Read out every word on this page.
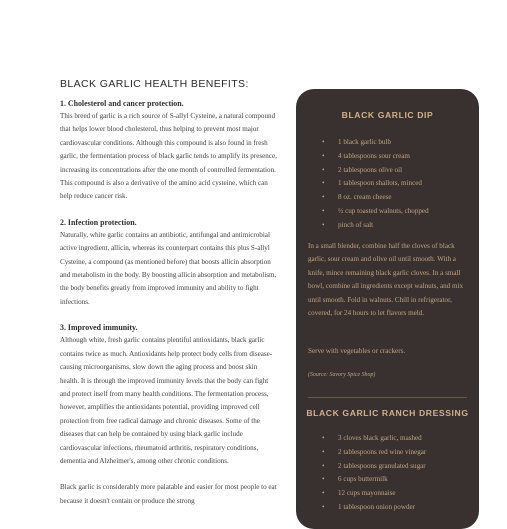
BLACK GARLIC HEALTH BENEFITS:
1. Cholesterol and cancer protection.

This breed of garlic is a rich source of S-allyl Cysteine, a natural compound that helps lower blood cholesterol, thus helping to prevent most major cardiovascular conditions. Although this compound is also found in fresh garlic, the fermentation process of black garlic tends to amplify its presence, increasing its concentrations after the one month of controlled fermentation. This compound is also a derivative of the amino acid cysteine, which can help reduce cancer risk.

2. Infection protection.

Naturally, white garlic contains an antibiotic, antifungal and antimicrobial active ingredient, allicin, whereas its counterpart contains this plus S-allyl Cysteine, a compound (as mentioned before) that boosts allicin absorption and metabolism in the body. By boosting allicin absorption and metabolism, the body benefits greatly from improved immunity and ability to fight infections.

3. Improved immunity.

Although white, fresh garlic contains plentiful antioxidants, black garlic contains twice as much. Antioxidants help protect body cells from disease-causing microorganisms, slow down the aging process and boost skin health. It is through the improved immunity levels that the body can fight and protect itself from many health conditions. The fermentation process, however, amplifies the antioxidants potential, providing improved cell protection from free radical damage and chronic diseases. Some of the diseases that can help be contained by using black garlic include cardiovascular infections, rheumatoid arthritis, respiratory conditions, dementia and Alzheimer's, among other chronic conditions.

Black garlic is considerably more palatable and easier for most people to eat because it doesn't contain or produce the strong

BLACK GARLIC DIP
• 1 black garlic bulb
• 4 tablespoons sour cream
• 2 tablespoons olive oil
• 1 tablespoon shallots, minced
• 8 oz. cream cheese
• ½ cup toasted walnuts, chopped
• pinch of salt

In a small blender, combine half the cloves of black garlic, sour cream and olive oil until smooth. With a knife, mince remaining black garlic cloves. In a small bowl, combine all ingredients except walnuts, and mix until smooth. Fold in walnuts. Chill in refrigerator, covered, for 24 hours to let flavors meld.

Serve with vegetables or crackers.

(Source: Savory Spice Shop)

BLACK GARLIC RANCH DRESSING
• 3 cloves black garlic, mashed
• 2 tablespoons red wine vinegar
• 2 tablespoons granulated sugar
• 6 cups buttermilk
• 12 cups mayonnaise
• 1 tablespoon onion powder
